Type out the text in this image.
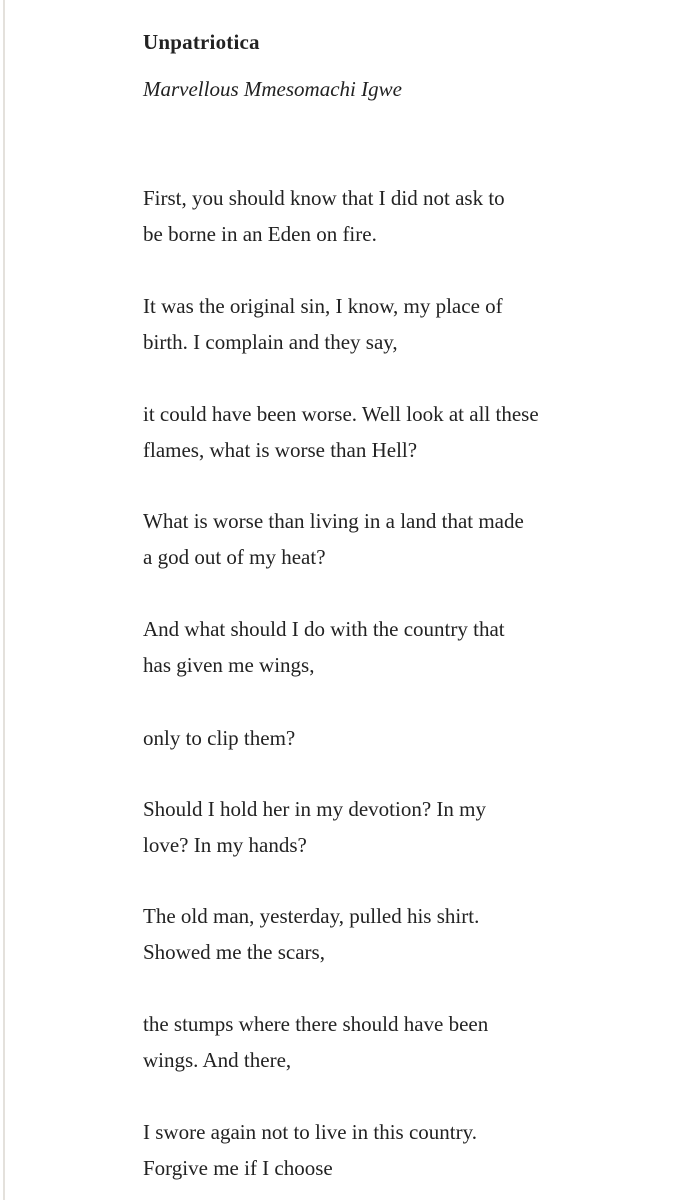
Unpatriotica

Marvellous Mmesomachi Igwe

First, you should know that I did not ask to
be borne in an Eden on fire.

It was the original sin, I know, my place of
birth. I complain and they say,

it could have been worse. Well look at all these
flames, what is worse than Hell?

What is worse than living in a land that made
a god out of my heat?

And what should I do with the country that
has given me wings,

only to clip them?

Should I hold her in my devotion? In my
love? In my hands?

The old man, yesterday, pulled his shirt.
Showed me the scars,

the stumps where there should have been
wings. And there,

I swore again not to live in this country.
Forgive me if I choose
